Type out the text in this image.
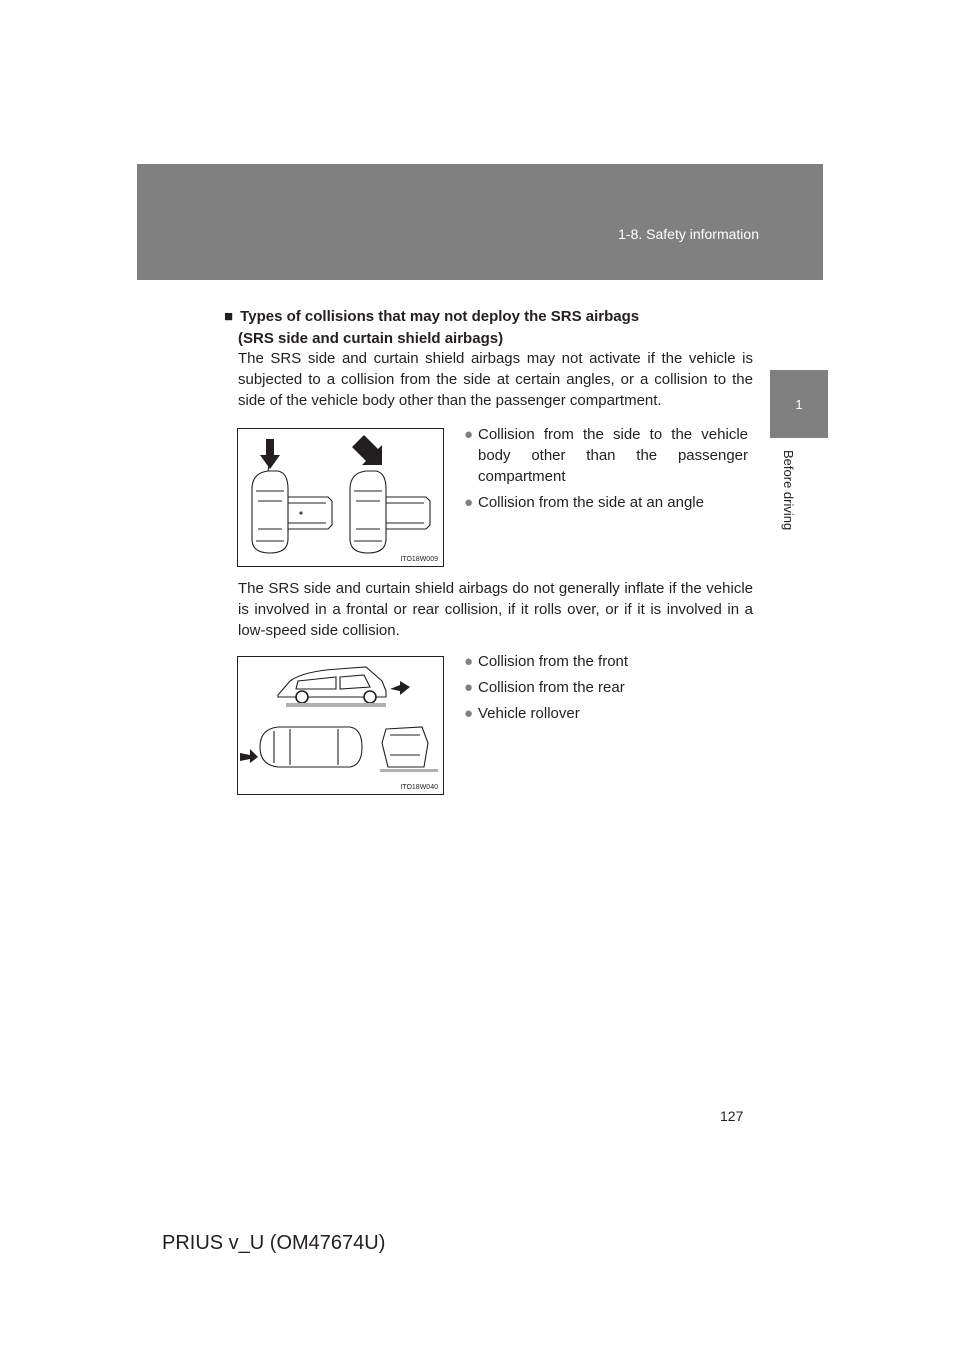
1-8. Safety information
1
Before driving
■ Types of collisions that may not deploy the SRS airbags
(SRS side and curtain shield airbags)
The SRS side and curtain shield airbags may not activate if the vehicle is subjected to a collision from the side at certain angles, or a collision to the side of the vehicle body other than the passenger compartment.
ITO18W009
● Collision from the side to the vehicle body other than the passenger compartment
● Collision from the side at an angle
The SRS side and curtain shield airbags do not generally inflate if the vehicle is involved in a frontal or rear collision, if it rolls over, or if it is involved in a low-speed side collision.
ITO18W040
● Collision from the front
● Collision from the rear
● Vehicle rollover
127
PRIUS v_U (OM47674U)
